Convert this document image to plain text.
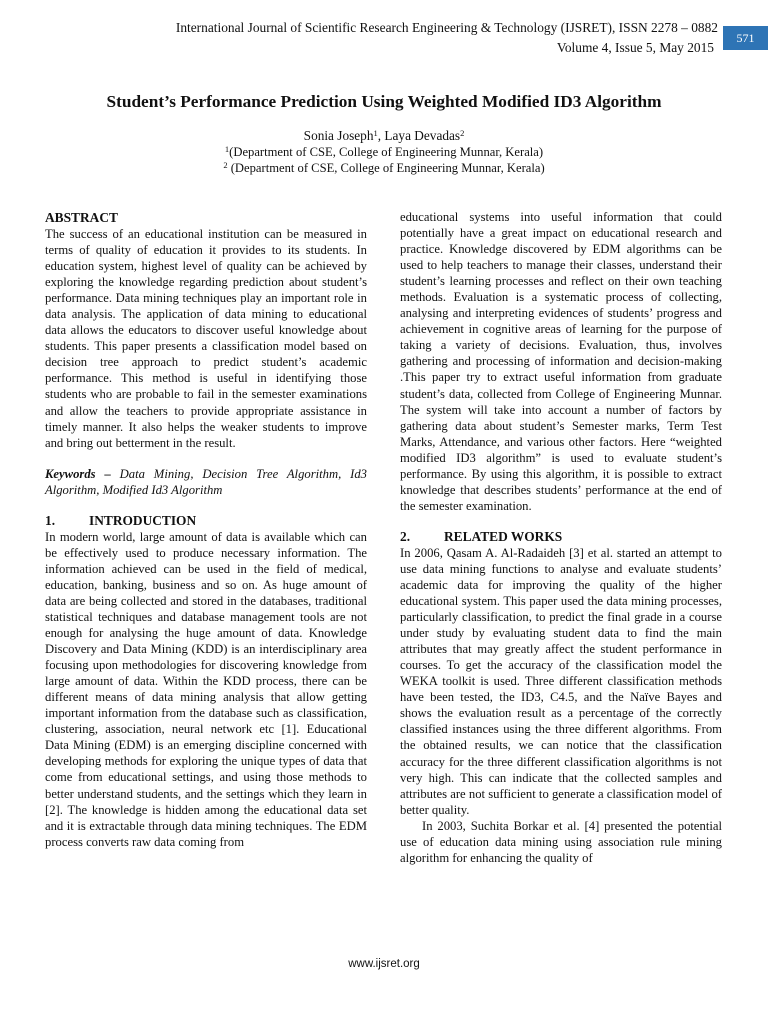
International Journal of Scientific Research Engineering & Technology (IJSRET), ISSN 2278 – 0882
Volume 4, Issue 5, May 2015
571
Student’s Performance Prediction Using Weighted Modified ID3 Algorithm
Sonia Joseph$^1$, Laya Devadas$^2$
$^1$(Department of CSE, College of Engineering Munnar, Kerala)
$^2$ (Department of CSE, College of Engineering Munnar, Kerala)

ABSTRACT

The success of an educational institution can be measured in terms of quality of education it provides to its students. In education system, highest level of quality can be achieved by exploring the knowledge regarding prediction about student’s performance. Data mining techniques play an important role in data analysis. The application of data mining to educational data allows the educators to discover useful knowledge about students. This paper presents a classification model based on decision tree approach to predict student’s academic performance. This method is useful in identifying those students who are probable to fail in the semester examinations and allow the teachers to provide appropriate assistance in timely manner. It also helps the weaker students to improve and bring out betterment in the result.

Keywords – Data Mining, Decision Tree Algorithm, Id3 Algorithm, Modified Id3 Algorithm

1.	INTRODUCTION

In modern world, large amount of data is available which can be effectively used to produce necessary information. The information achieved can be used in the field of medical, education, banking, business and so on. As huge amount of data are being collected and stored in the databases, traditional statistical techniques and database management tools are not enough for analysing the huge amount of data. Knowledge Discovery and Data Mining (KDD) is an interdisciplinary area focusing upon methodologies for discovering knowledge from large amount of data. Within the KDD process, there can be different means of data mining analysis that allow getting important information from the database such as classification, clustering, association, neural network etc [1]. Educational Data Mining (EDM) is an emerging discipline concerned with developing methods for exploring the unique types of data that come from educational settings, and using those methods to better understand students, and the settings which they learn in [2]. The knowledge is hidden among the educational data set and it is extractable through data mining techniques. The EDM process converts raw data coming from

educational systems into useful information that could potentially have a great impact on educational research and practice. Knowledge discovered by EDM algorithms can be used to help teachers to manage their classes, understand their student’s learning processes and reflect on their own teaching methods. Evaluation is a systematic process of collecting, analysing and interpreting evidences of students’ progress and achievement in cognitive areas of learning for the purpose of taking a variety of decisions. Evaluation, thus, involves gathering and processing of information and decision-making .This paper try to extract useful information from graduate student’s data, collected from College of Engineering Munnar. The system will take into account a number of factors by gathering data about student’s Semester marks, Term Test Marks, Attendance, and various other factors. Here “weighted modified ID3 algorithm” is used to evaluate student’s performance. By using this algorithm, it is possible to extract knowledge that describes students’ performance at the end of the semester examination.

2.	RELATED WORKS

In 2006, Qasam A. Al-Radaideh [3] et al. started an attempt to use data mining functions to analyse and evaluate students’ academic data for improving the quality of the higher educational system. This paper used the data mining processes, particularly classification, to predict the final grade in a course under study by evaluating student data to find the main attributes that may greatly affect the student performance in courses. To get the accuracy of the classification model the WEKA toolkit is used. Three different classification methods have been tested, the ID3, C4.5, and the Naïve Bayes and shows the evaluation result as a percentage of the correctly classified instances using the three different algorithms. From the obtained results, we can notice that the classification accuracy for the three different classification algorithms is not very high. This can indicate that the collected samples and attributes are not sufficient to generate a classification model of better quality.

In 2003, Suchita Borkar et al. [4] presented the potential use of education data mining using association rule mining algorithm for enhancing the quality of

www.ijsret.org
